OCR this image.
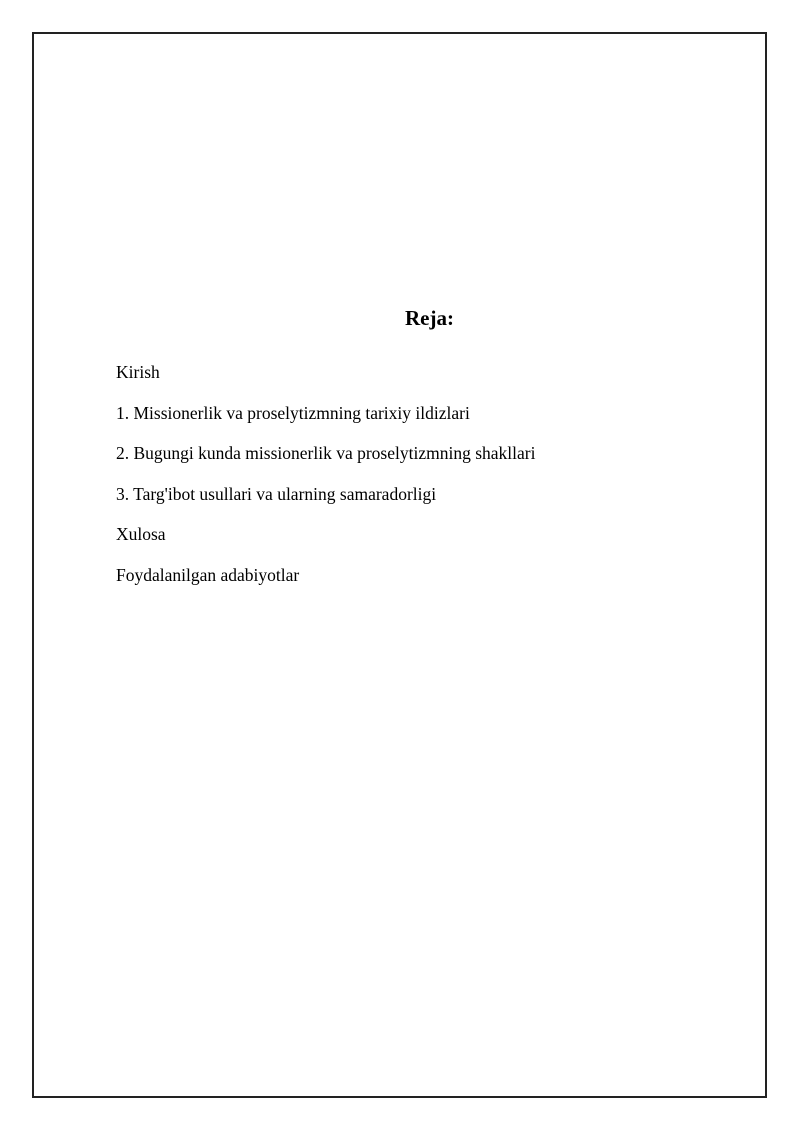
Reja:
Kirish
1. Missionerlik va proselytizmning tarixiy ildizlari
2. Bugungi kunda missionerlik va proselytizmning shakllari
3. Targ'ibot usullari va ularning samaradorligi
Xulosa
Foydalanilgan adabiyotlar
